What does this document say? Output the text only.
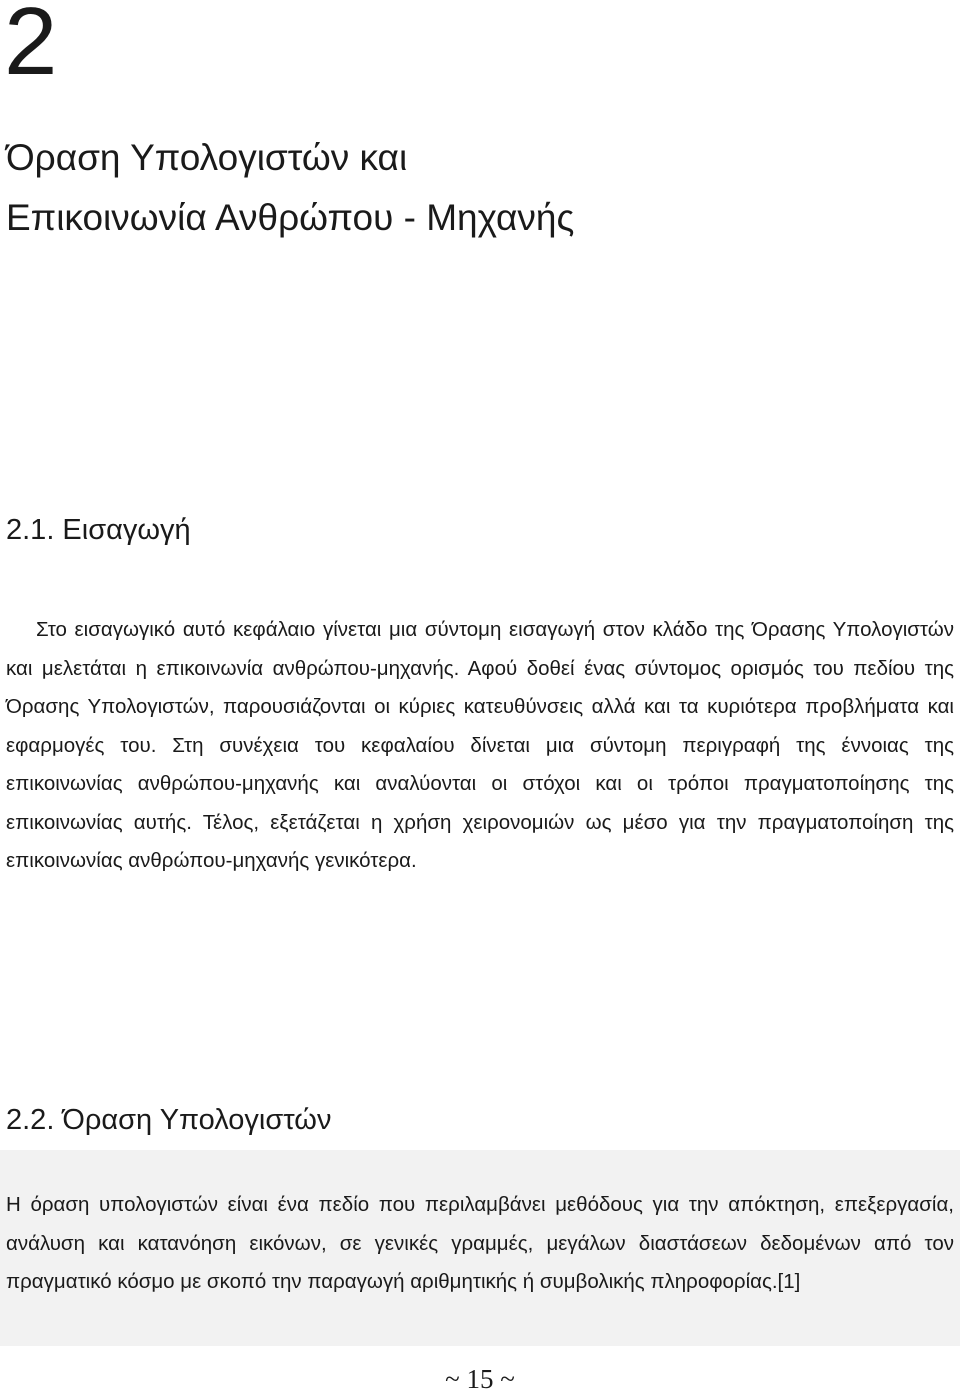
2
Όραση Υπολογιστών και
Επικοινωνία Ανθρώπου - Μηχανής
2.1. Εισαγωγή

Στο εισαγωγικό αυτό κεφάλαιο γίνεται μια σύντομη εισαγωγή στον κλάδο της Όρασης Υπολογιστών και μελετάται η επικοινωνία ανθρώπου-μηχανής. Αφού δοθεί ένας σύντομος ορισμός του πεδίου της Όρασης Υπολογιστών, παρουσιάζονται οι κύριες κατευθύνσεις αλλά και τα κυριότερα προβλήματα και εφαρμογές του. Στη συνέχεια του κεφαλαίου δίνεται μια σύντομη περιγραφή της έννοιας της επικοινωνίας ανθρώπου-μηχανής και αναλύονται οι στόχοι και οι τρόποι πραγματοποίησης της επικοινωνίας αυτής. Τέλος, εξετάζεται η χρήση χειρονομιών ως μέσο για την πραγματοποίηση της επικοινωνίας ανθρώπου-μηχανής γενικότερα.

2.2. Όραση Υπολογιστών

Η όραση υπολογιστών είναι ένα πεδίο που περιλαμβάνει μεθόδους για την απόκτηση, επεξεργασία, ανάλυση και κατανόηση εικόνων, σε γενικές γραμμές, μεγάλων διαστάσεων δεδομένων από τον πραγματικό κόσμο με σκοπό την παραγωγή αριθμητικής ή συμβολικής πληροφορίας.[1]

~ 15 ~
